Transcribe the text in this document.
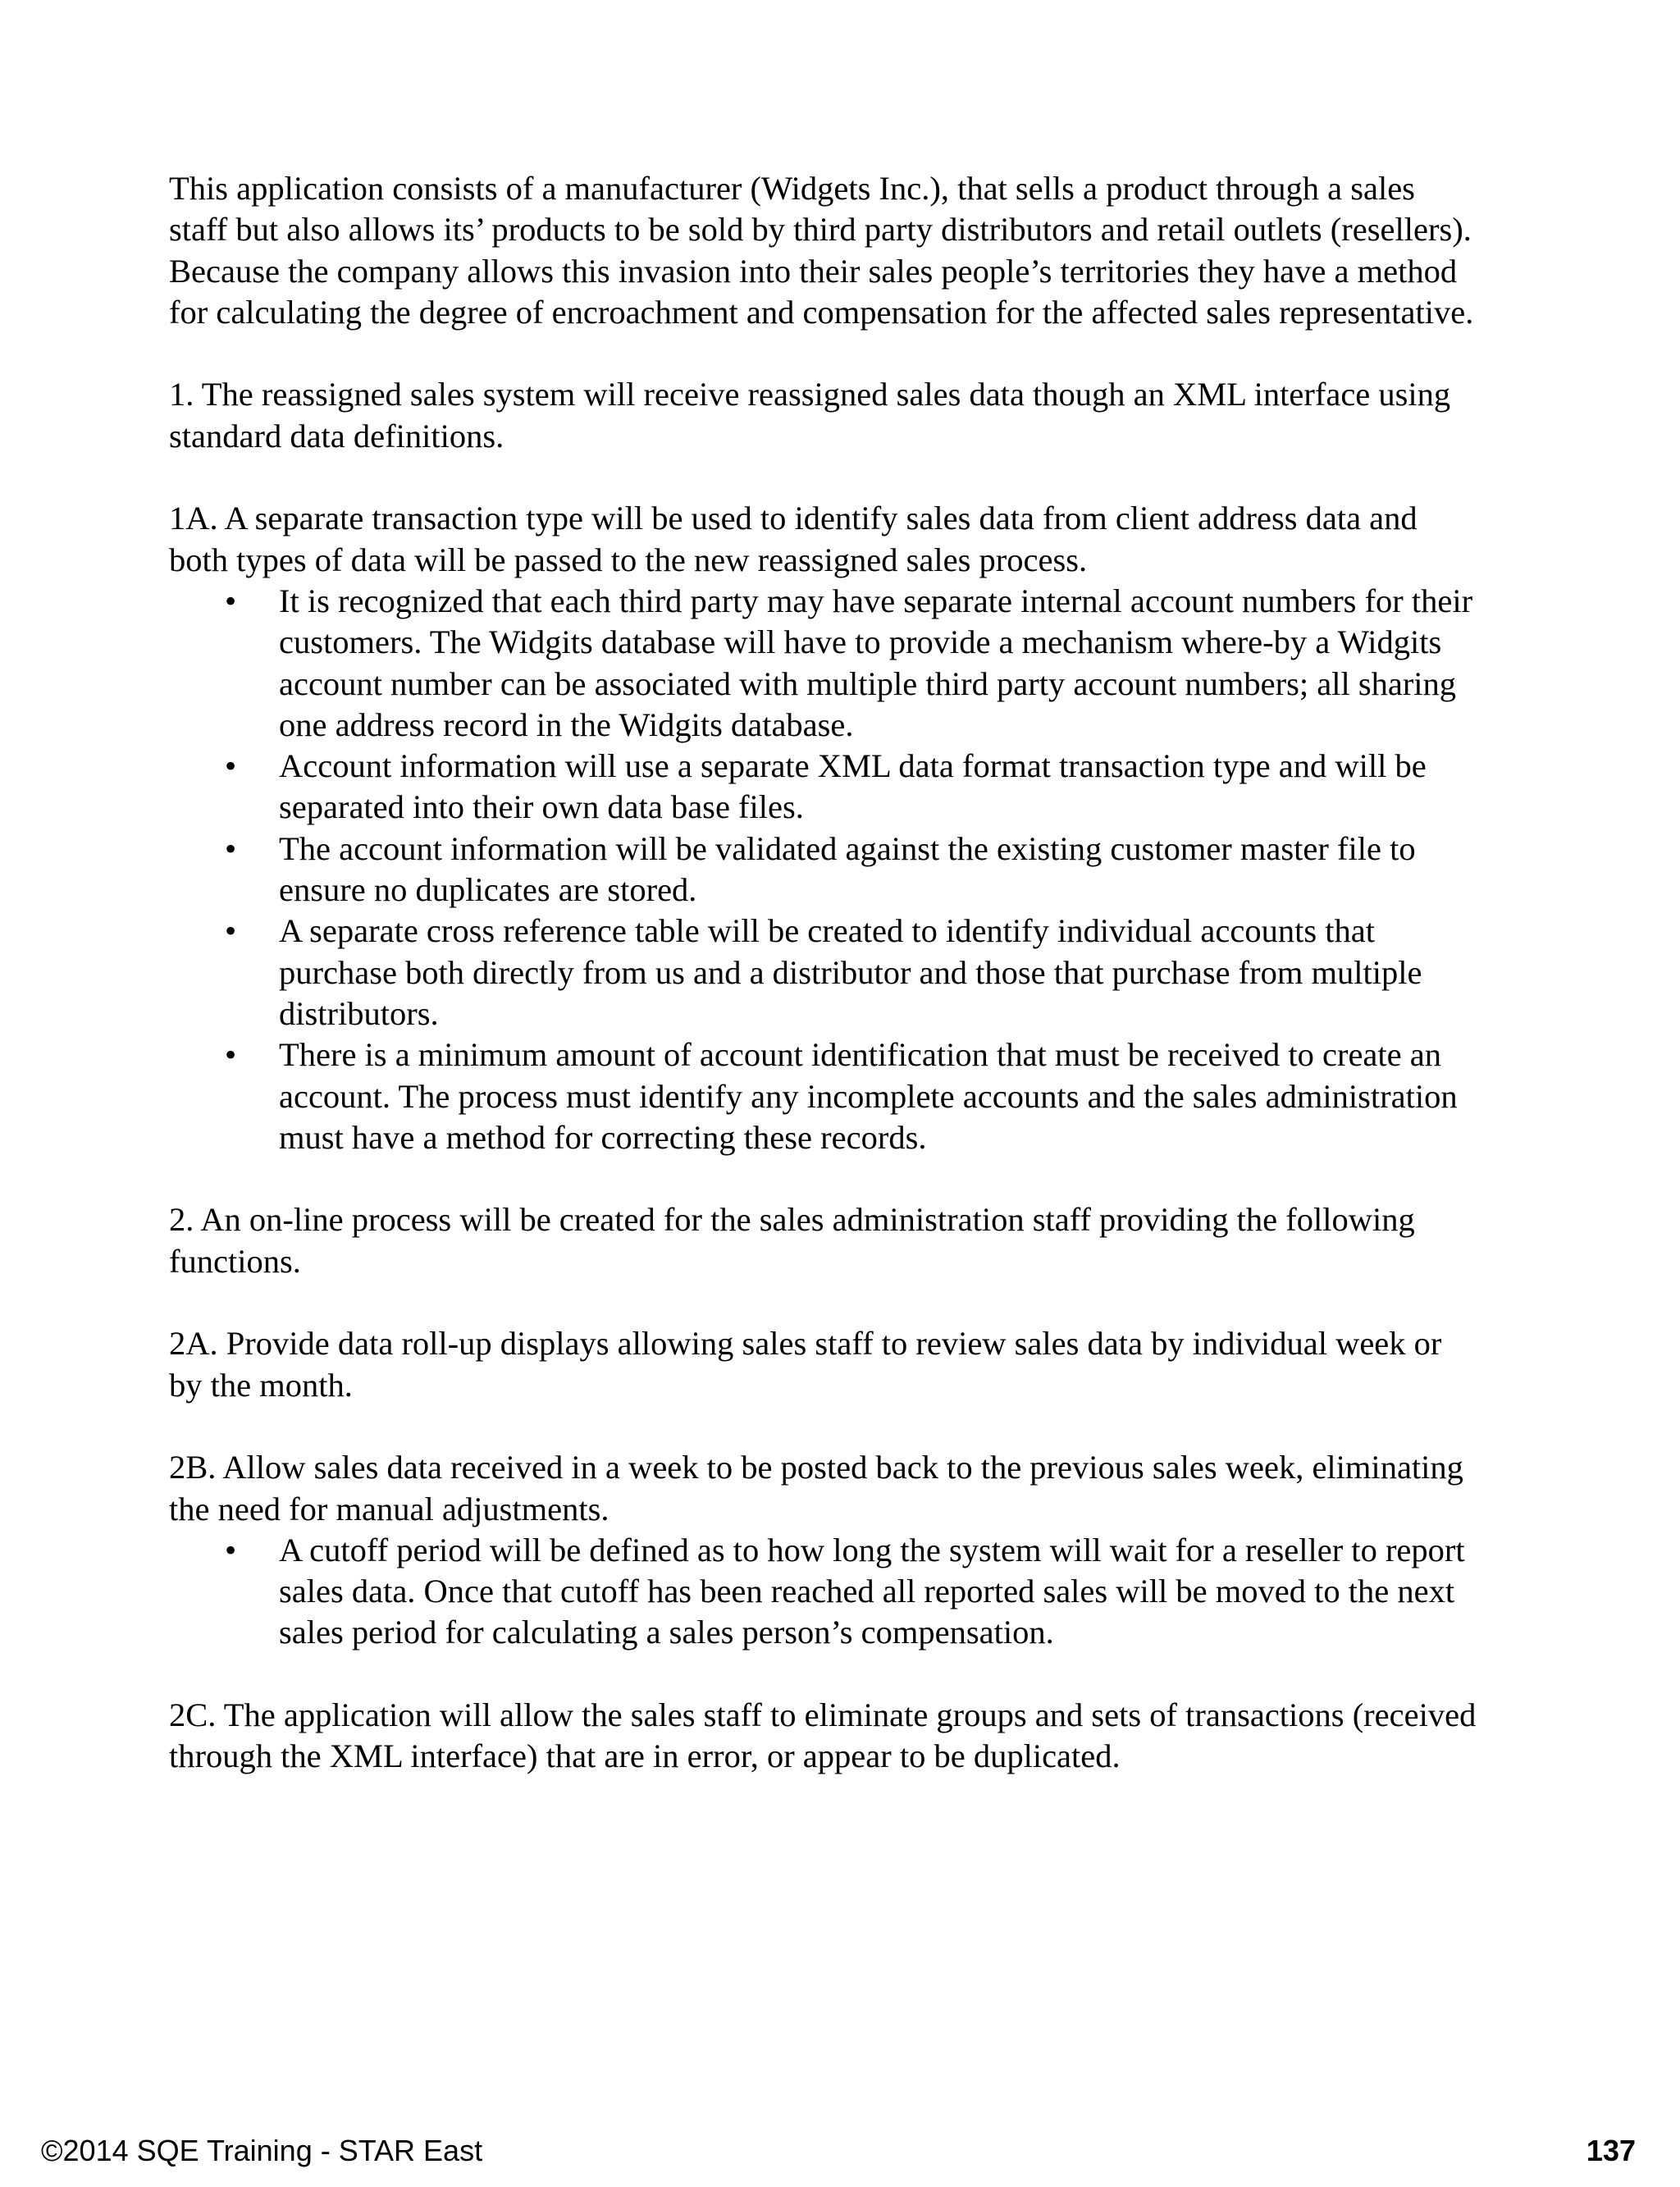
This application consists of a manufacturer (Widgets Inc.), that sells a product through a sales staff but also allows its’ products to be sold by third party distributors and retail outlets (resellers). Because the company allows this invasion into their sales people’s territories they have a method for calculating the degree of encroachment and compensation for the affected sales representative.

1. The reassigned sales system will receive reassigned sales data though an XML interface using standard data definitions.

1A. A separate transaction type will be used to identify sales data from client address data and both types of data will be passed to the new reassigned sales process.

• It is recognized that each third party may have separate internal account numbers for their customers. The Widgits database will have to provide a mechanism where-by a Widgits account number can be associated with multiple third party account numbers; all sharing one address record in the Widgits database.
• Account information will use a separate XML data format transaction type and will be separated into their own data base files.
• The account information will be validated against the existing customer master file to ensure no duplicates are stored.
• A separate cross reference table will be created to identify individual accounts that purchase both directly from us and a distributor and those that purchase from multiple distributors.
• There is a minimum amount of account identification that must be received to create an account. The process must identify any incomplete accounts and the sales administration must have a method for correcting these records.

2. An on-line process will be created for the sales administration staff providing the following functions.

2A. Provide data roll-up displays allowing sales staff to review sales data by individual week or by the month.

2B. Allow sales data received in a week to be posted back to the previous sales week, eliminating the need for manual adjustments.

• A cutoff period will be defined as to how long the system will wait for a reseller to report sales data. Once that cutoff has been reached all reported sales will be moved to the next sales period for calculating a sales person’s compensation.

2C. The application will allow the sales staff to eliminate groups and sets of transactions (received through the XML interface) that are in error, or appear to be duplicated.

©2014 SQE Training - STAR East	137
